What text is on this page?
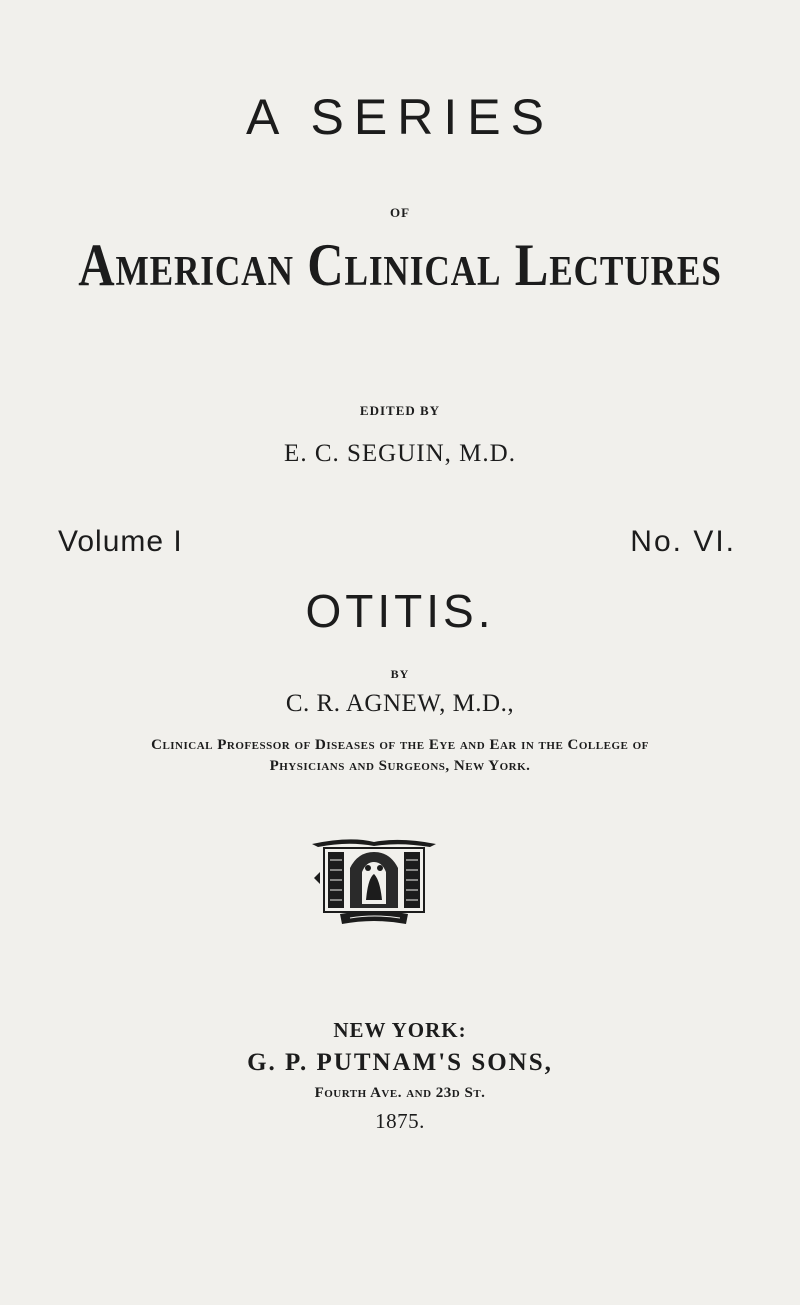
A SERIES
OF
American Clinical Lectures
EDITED BY
E. C. SEGUIN, M.D.
Volume I	No. VI.
OTITIS.
BY
C. R. AGNEW, M.D.,
Clinical Professor of Diseases of the Eye and Ear in the College of
Physicians and Surgeons, New York.
NEW YORK:
G. P. PUTNAM'S SONS,
Fourth Ave. and 23d St.
1875.
